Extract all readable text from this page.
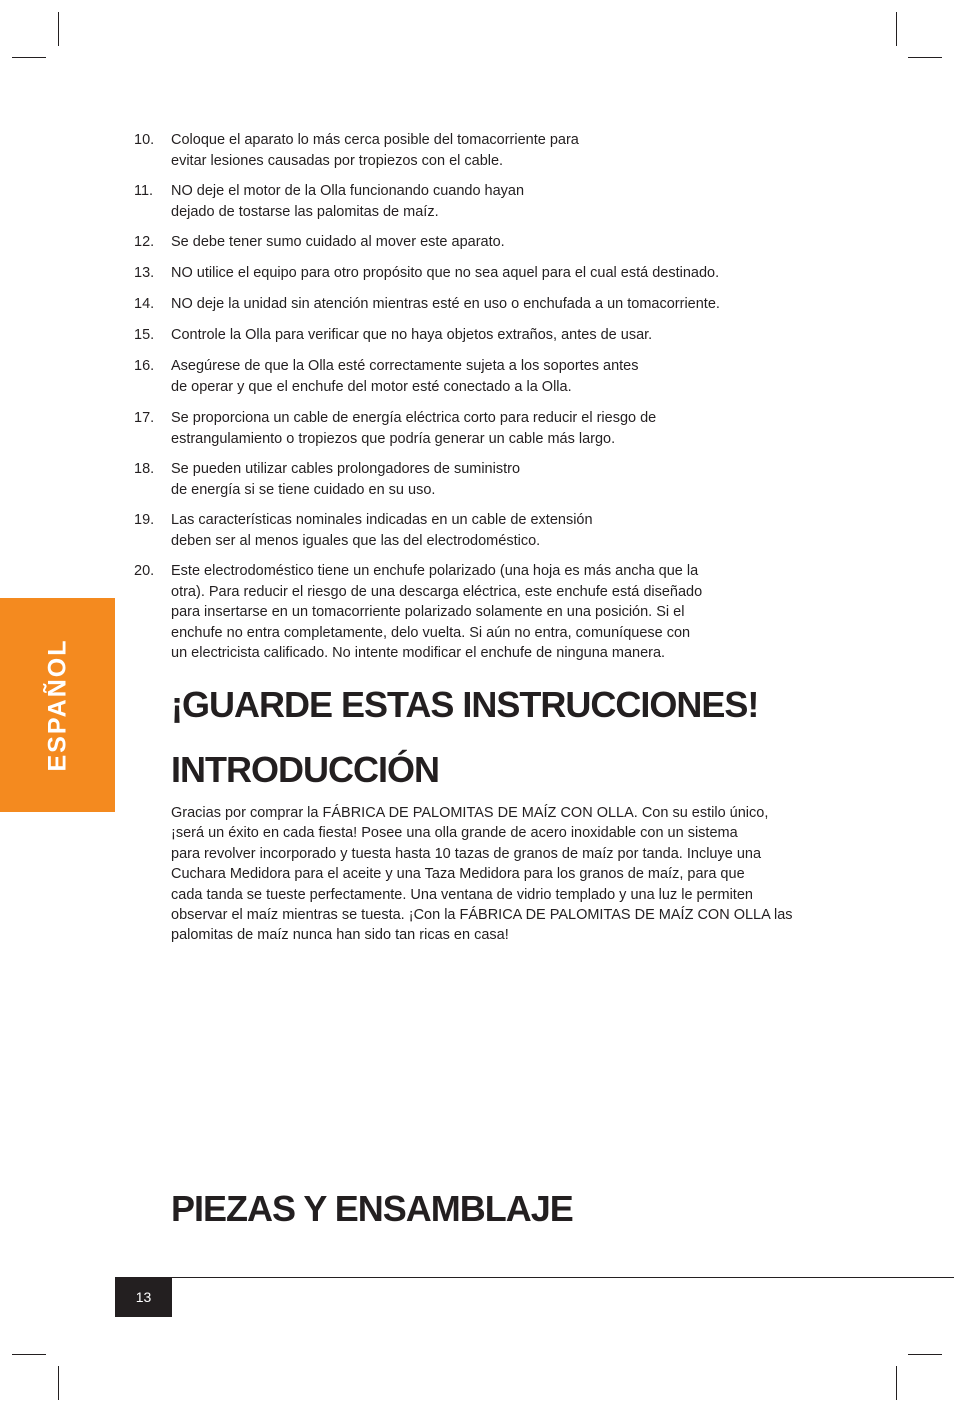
ESPAÑOL
10.	Coloque el aparato lo más cerca posible del tomacorriente para
evitar lesiones causadas por tropiezos con el cable.
11.	NO deje el motor de la Olla funcionando cuando hayan
dejado de tostarse las palomitas de maíz.
12.	Se debe tener sumo cuidado al mover este aparato.
13.	NO utilice el equipo para otro propósito que no sea aquel para el cual está destinado.
14.	NO deje la unidad sin atención mientras esté en uso o enchufada a un tomacorriente.
15.	Controle la Olla para verificar que no haya objetos extraños, antes de usar.
16.	Asegúrese de que la Olla esté correctamente sujeta a los soportes antes
de operar y que el enchufe del motor esté conectado a la Olla.
17.	Se proporciona un cable de energía eléctrica corto para reducir el riesgo de
estrangulamiento o tropiezos que podría generar un cable más largo.
18.	Se pueden utilizar cables prolongadores de suministro
de energía si se tiene cuidado en su uso.
19.	Las características nominales indicadas en un cable de extensión
deben ser al menos iguales que las del electrodoméstico.
20.	Este electrodoméstico tiene un enchufe polarizado (una hoja es más ancha que la
otra). Para reducir el riesgo de una descarga eléctrica, este enchufe está diseñado
para insertarse en un tomacorriente polarizado solamente en una posición. Si el
enchufe no entra completamente, delo vuelta. Si aún no entra, comuníquese con
un electricista calificado. No intente modificar el enchufe de ninguna manera.
¡GUARDE ESTAS INSTRUCCIONES!
INTRODUCCIÓN
Gracias por comprar la FÁBRICA DE PALOMITAS DE MAÍZ CON OLLA. Con su estilo único,
¡será un éxito en cada fiesta! Posee una olla grande de acero inoxidable con un sistema
para revolver incorporado y tuesta hasta 10 tazas de granos de maíz por tanda. Incluye una
Cuchara Medidora para el aceite y una Taza Medidora para los granos de maíz, para que
cada tanda se tueste perfectamente. Una ventana de vidrio templado y una luz le permiten
observar el maíz mientras se tuesta. ¡Con la FÁBRICA DE PALOMITAS DE MAÍZ CON OLLA las
palomitas de maíz nunca han sido tan ricas en casa!
PIEZAS Y ENSAMBLAJE
13
